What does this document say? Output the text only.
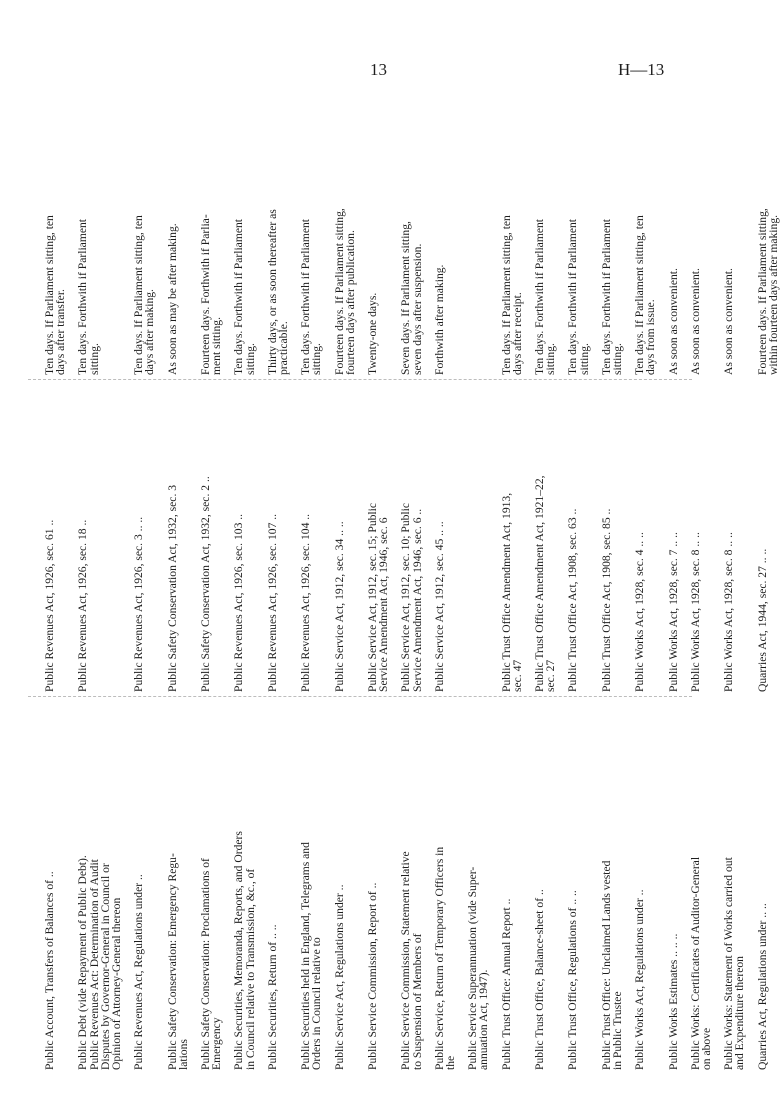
13	H—13
Public Account, Transfers of Balances of ..
Public Revenues Act, 1926, sec. 61 ..
Ten days. If Parliament sitting, ten
days after transfer.
Public Debt (vide Repayment of Public Debt).
Public Revenues Act: Determination of Audit
Disputes by Governor-General in Council or
Opinion of Attorney-General thereon
Public Revenues Act, 1926, sec. 18 ..
Ten days. Forthwith if Parliament
sitting.
Public Revenues Act, Regulations under ..
Public Revenues Act, 1926, sec. 3 .. ..
Ten days. If Parliament sitting, ten
days after making.
Public Safety Conservation: Emergency Regu-
lations
Public Safety Conservation Act, 1932, sec. 3
As soon as may be after making.
Public Safety Conservation: Proclamations of
Emergency
Public Safety Conservation Act, 1932, sec. 2 ..
Fourteen days. Forthwith if Parlia-
ment sitting.
Public Securities, Memoranda, Reports, and Orders
in Council relative to Transmission, &c., of
Public Revenues Act, 1926, sec. 103 ..
Ten days. Forthwith if Parliament
sitting.
Public Securities, Return of .. ..
Public Revenues Act, 1926, sec. 107 ..
Thirty days, or as soon thereafter as
practicable.
Public Securities held in England, Telegrams and
Orders in Council relative to
Public Revenues Act, 1926, sec. 104 ..
Ten days. Forthwith if Parliament
sitting.
Public Service Act, Regulations under ..
Public Service Act, 1912, sec. 34 .. ..
Fourteen days. If Parliament sitting,
fourteen days after publication.
Public Service Commission, Report of ..
Public Service Act, 1912, sec. 15; Public
Service Amendment Act, 1946, sec. 6
Twenty-one days.
Public Service Commission, Statement relative
to Suspension of Members of
Public Service Act, 1912, sec. 10; Public
Service Amendment Act, 1946, sec. 6 ..
Seven days. If Parliament sitting,
seven days after suspension.
Public Service, Return of Temporary Officers in
the
Public Service Act, 1912, sec. 45 .. ..
Forthwith after making.
Public Service Superannuation (vide Super-
annuation Act, 1947). Public Trust Office: Annual Report ..
Public Trust Office Amendment Act, 1913,
sec. 47
Ten days. If Parliament sitting, ten
days after receipt.
Public Trust Office, Balance-sheet of ..
Public Trust Office Amendment Act, 1921–22,
sec. 27
Ten days. Forthwith if Parliament
sitting.
Public Trust Office, Regulations of .. ..
Public Trust Office Act, 1908, sec. 63 ..
Ten days. Forthwith if Parliament
sitting.
Public Trust Office: Unclaimed Lands vested
in Public Trustee
Public Trust Office Act, 1908, sec. 85 ..
Ten days. Forthwith if Parliament
sitting.
Public Works Act, Regulations under ..
Public Works Act, 1928, sec. 4 .. ..
Ten days. If Parliament sitting, ten
days from issue.
Public Works Estimates .. .. ..
Public Works Act, 1928, sec. 7 .. ..
As soon as convenient.
Public Works: Certificates of Auditor-General
on above
Public Works Act, 1928, sec. 8 .. ..
As soon as convenient.
Public Works: Statement of Works carried out
and Expenditure thereon
Public Works Act, 1928, sec. 8 .. ..
As soon as convenient.
Quarries Act, Regulations under .. ..
Quarries Act, 1944, sec. 27 .. ..
Fourteen days. If Parliament sitting,
within fourteen days after making.
